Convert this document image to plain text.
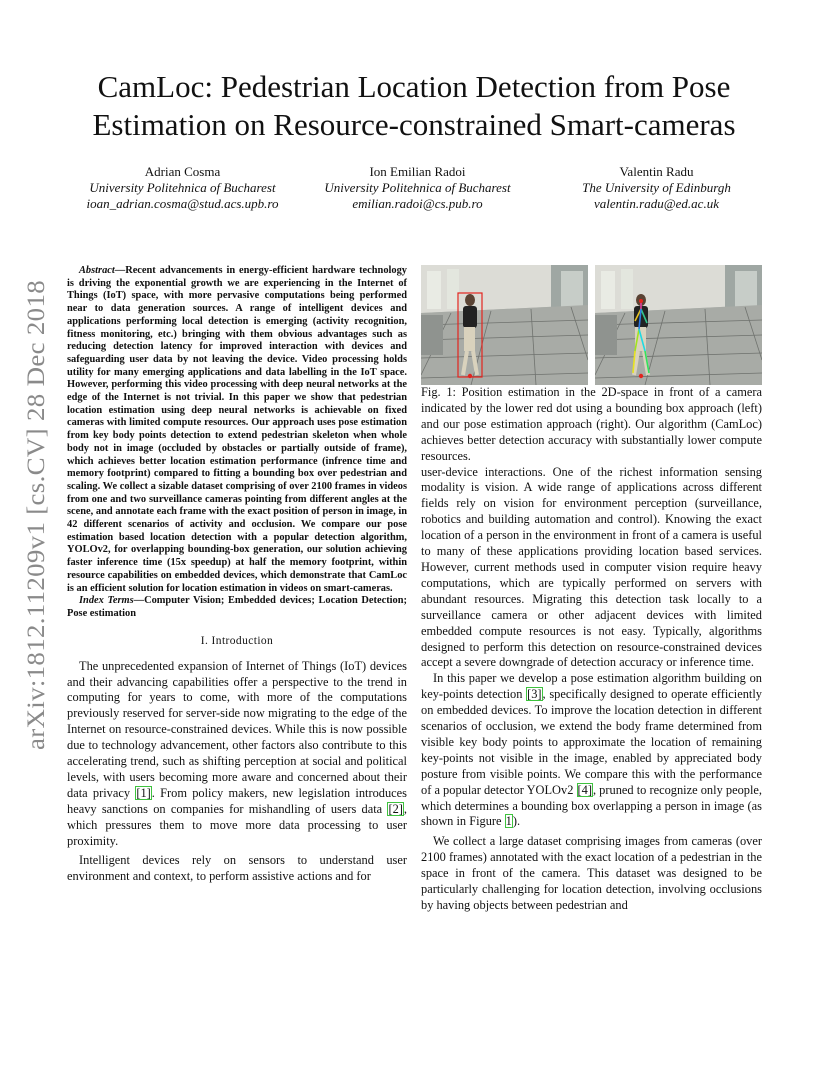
arXiv:1812.11209v1 [cs.CV] 28 Dec 2018
CamLoc: Pedestrian Location Detection from Pose
Estimation on Resource-constrained Smart-cameras
Adrian Cosma
University Politehnica of Bucharest
ioan_adrian.cosma@stud.acs.upb.ro
Ion Emilian Radoi
University Politehnica of Bucharest
emilian.radoi@cs.pub.ro
Valentin Radu
The University of Edinburgh
valentin.radu@ed.ac.uk

Abstract—Recent advancements in energy-efficient hardware technology is driving the exponential growth we are experiencing in the Internet of Things (IoT) space, with more pervasive computations being performed near to data generation sources. A range of intelligent devices and applications performing local detection is emerging (activity recognition, fitness monitoring, etc.) bringing with them obvious advantages such as reducing detection latency for improved interaction with devices and safeguarding user data by not leaving the device. Video processing holds utility for many emerging applications and data labelling in the IoT space. However, performing this video processing with deep neural networks at the edge of the Internet is not trivial. In this paper we show that pedestrian location estimation using deep neural networks is achievable on fixed cameras with limited compute resources. Our approach uses pose estimation from key body points detection to extend pedestrian skeleton when whole body not in image (occluded by obstacles or partially outside of frame), which achieves better location estimation performance (infrence time and memory footprint) compared to fitting a bounding box over pedestrian and scaling. We collect a sizable dataset comprising of over 2100 frames in videos from one and two surveillance cameras pointing from different angles at the scene, and annotate each frame with the exact position of person in image, in 42 different scenarios of activity and occlusion. We compare our pose estimation based location detection with a popular detection algorithm, YOLOv2, for overlapping bounding-box generation, our solution achieving faster inference time (15x speedup) at half the memory footprint, within resource capabilities on embedded devices, which demonstrate that CamLoc is an efficient solution for location estimation in videos on smart-cameras.

Index Terms—Computer Vision; Embedded devices; Location Detection; Pose estimation

I. Introduction

The unprecedented expansion of Internet of Things (IoT) devices and their advancing capabilities offer a perspective to the trend in computing for years to come, with more of the computations previously reserved for server-side now migrating to the edge of the Internet on resource-constrained devices. While this is now possible due to technology advancement, other factors also contribute to this accelerating trend, such as shifting perception at social and political levels, with users becoming more aware and concerned about their data privacy [1]. From policy makers, new legislation introduces heavy sanctions on companies for mishandling of users data [2], which pressures them to move more data processing to user proximity.

Intelligent devices rely on sensors to understand user environment and context, to perform assistive actions and for

Fig. 1: Position estimation in the 2D-space in front of a camera indicated by the lower red dot using a bounding box approach (left) and our pose estimation approach (right). Our algorithm (CamLoc) achieves better detection accuracy with substantially lower compute resources.

user-device interactions. One of the richest information sensing modality is vision. A wide range of applications across different fields rely on vision for environment perception (surveillance, robotics and building automation and control). Knowing the exact location of a person in the environment in front of a camera is useful to many of these applications providing location based services. However, current methods used in computer vision require heavy computations, which are typically performed on servers with abundant resources. Migrating this detection task locally to a surveillance camera or other adjacent devices with limited embedded compute resources is not easy. Typically, algorithms designed to perform this detection on resource-constrained devices accept a severe downgrade of detection accuracy or inference time.

In this paper we develop a pose estimation algorithm building on key-points detection [3], specifically designed to operate efficiently on embedded devices. To improve the location detection in different scenarios of occlusion, we extend the body frame determined from visible key body points to approximate the location of remaining key-points not visible in the image, enabled by appreciated body posture from visible points. We compare this with the performance of a popular detector YOLOv2 [4], pruned to recognize only people, which determines a bounding box overlapping a person in image (as shown in Figure 1).

We collect a large dataset comprising images from cameras (over 2100 frames) annotated with the exact location of a pedestrian in the space in front of the camera. This dataset was designed to be particularly challenging for location detection, involving occlusions by having objects between pedestrian and
